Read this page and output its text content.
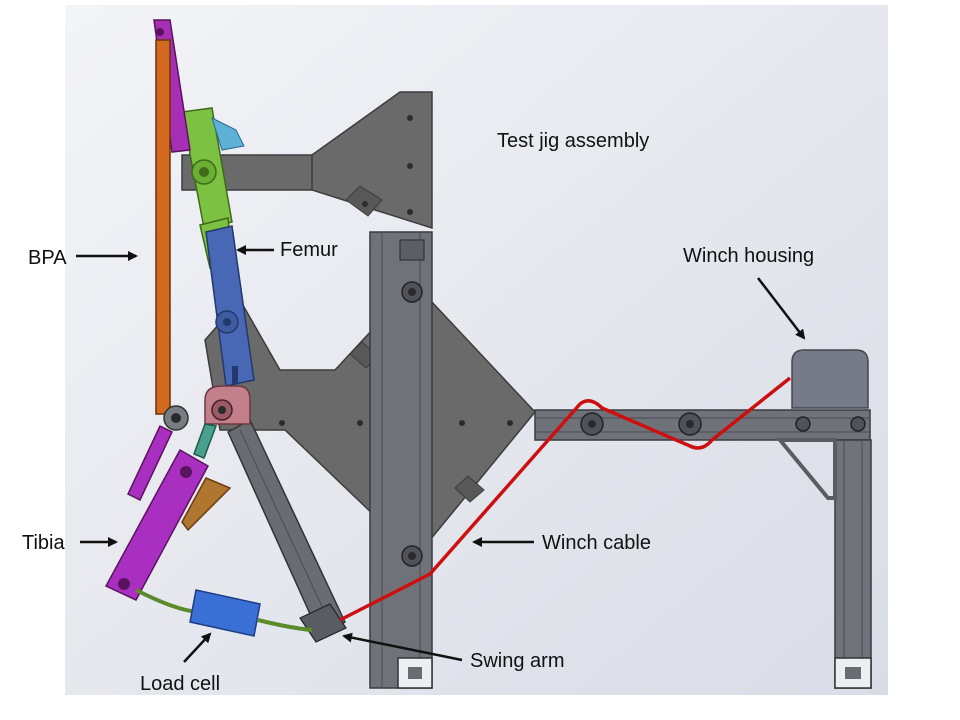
Test jig assembly
BPA	Femur
Tibia
Load cell
Swing arm
Winch cable
Winch housing
